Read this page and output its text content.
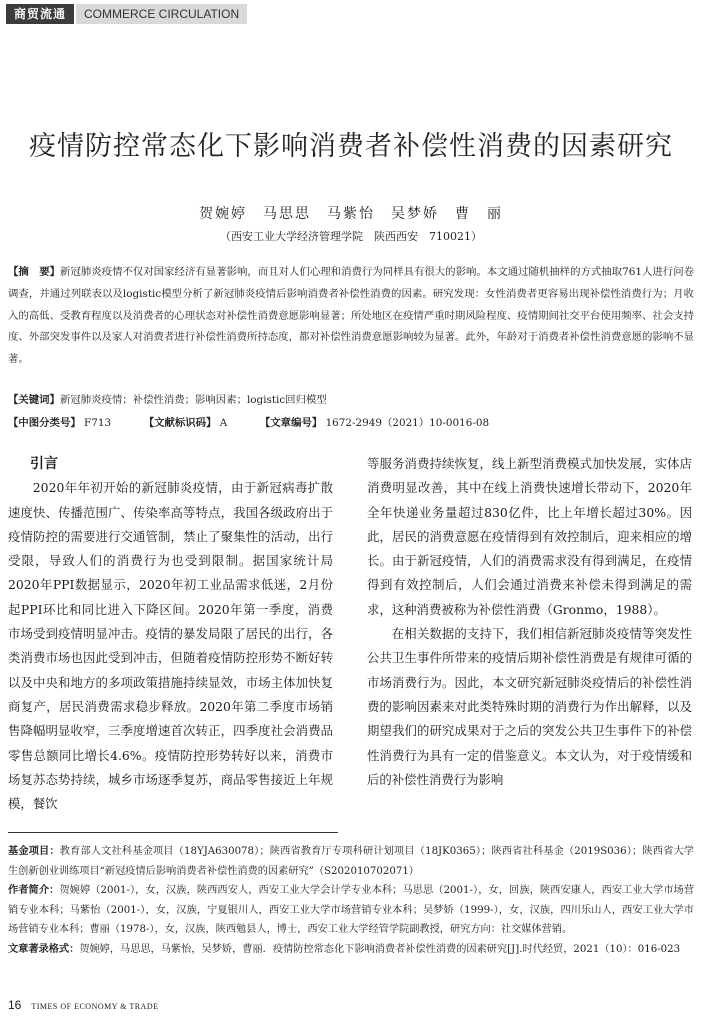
商贸流通	COMMERCE CIRCULATION
疫情防控常态化下影响消费者补偿性消费的因素研究
贺婉婷　马思思　马紫怡　吴梦娇　曹　丽
（西安工业大学经济管理学院　陕西西安　710021）
【摘　要】新冠肺炎疫情不仅对国家经济有显著影响，而且对人们心理和消费行为同样具有很大的影响。本文通过随机抽样的方式抽取761人进行问卷调查，并通过列联表以及logistic模型分析了新冠肺炎疫情后影响消费者补偿性消费的因素。研究发现：女性消费者更容易出现补偿性消费行为；月收入的高低、受教育程度以及消费者的心理状态对补偿性消费意愿影响显著；所处地区在疫情严重时期风险程度、疫情期间社交平台使用频率、社会支持度、外部突发事件以及家人对消费者进行补偿性消费所持态度，都对补偿性消费意愿影响较为显著。此外，年龄对于消费者补偿性消费意愿的影响不显著。
【关键词】新冠肺炎疫情；补偿性消费；影响因素；logistic回归模型
【中图分类号】 F713	【文献标识码】 A	【文章编号】 1672-2949（2021）10-0016-08
引言

2020年年初开始的新冠肺炎疫情，由于新冠病毒扩散速度快、传播范围广、传染率高等特点，我国各级政府出于疫情防控的需要进行交通管制，禁止了聚集性的活动，出行受限，导致人们的消费行为也受到限制。据国家统计局2020年PPI数据显示，2020年初工业品需求低迷，2月份起PPI环比和同比进入下降区间。2020年第一季度，消费市场受到疫情明显冲击。疫情的暴发局限了居民的出行，各类消费市场也因此受到冲击，但随着疫情防控形势不断好转以及中央和地方的多项政策措施持续显效，市场主体加快复商复产，居民消费需求稳步释放。2020年第二季度市场销售降幅明显收窄，三季度增速首次转正，四季度社会消费品零售总额同比增长4.6%。疫情防控形势转好以来，消费市场复苏态势持续，城乡市场逐季复苏，商品零售接近上年规模，餐饮

等服务消费持续恢复，线上新型消费模式加快发展，实体店消费明显改善，其中在线上消费快速增长带动下，2020年全年快递业务量超过830亿件，比上年增长超过30%。因此，居民的消费意愿在疫情得到有效控制后，迎来相应的增长。由于新冠疫情，人们的消费需求没有得到满足，在疫情得到有效控制后，人们会通过消费来补偿未得到满足的需求，这种消费被称为补偿性消费（Gronmo，1988）。

在相关数据的支持下，我们相信新冠肺炎疫情等突发性公共卫生事件所带来的疫情后期补偿性消费是有规律可循的市场消费行为。因此，本文研究新冠肺炎疫情后的补偿性消费的影响因素来对此类特殊时期的消费行为作出解释，以及期望我们的研究成果对于之后的突发公共卫生事件下的补偿性消费行为具有一定的借鉴意义。本文认为，对于疫情缓和后的补偿性消费行为影响

基金项目：教育部人文社科基金项目（18YJA630078）；陕西省教育厅专项科研计划项目（18JK0365）；陕西省社科基金（2019S036）；陕西省大学生创新创业训练项目“新冠疫情后影响消费者补偿性消费的因素研究”（S202010702071）

作者简介：贺婉婷（2001-），女，汉族，陕西西安人，西安工业大学会计学专业本科；马思思（2001-），女，回族，陕西安康人，西安工业大学市场营销专业本科；马紫怡（2001-），女，汉族，宁夏银川人，西安工业大学市场营销专业本科；吴梦娇（1999-），女，汉族，四川乐山人，西安工业大学市场营销专业本科；曹丽（1978-），女，汉族，陕西勉县人，博士，西安工业大学经管学院副教授，研究方向：社交媒体营销。

文章著录格式：贺婉婷，马思思，马紫怡，吴梦娇，曹丽．疫情防控常态化下影响消费者补偿性消费的因素研究[J].时代经贸，2021（10）：016-023

16 TIMES OF ECONOMY & TRADE
